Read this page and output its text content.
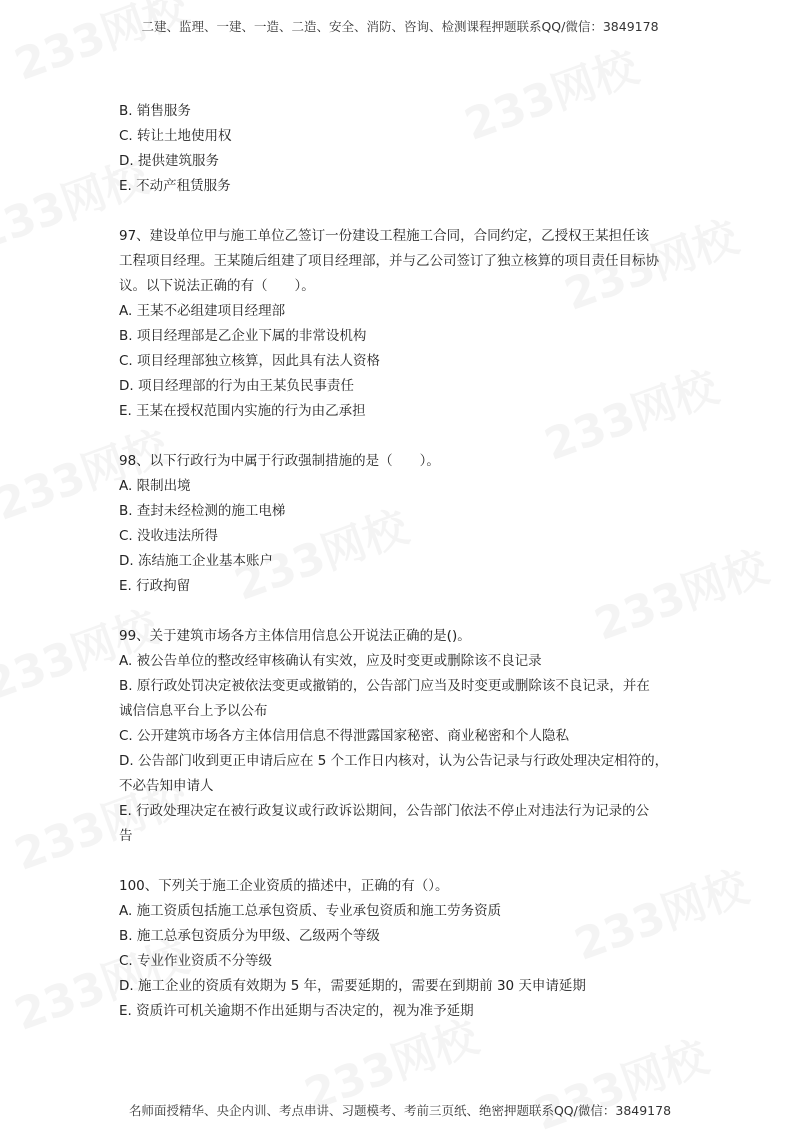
二建、监理、一建、一造、二造、安全、消防、咨询、检测课程押题联系QQ/微信：3849178
B. 销售服务
C. 转让土地使用权
D. 提供建筑服务
E. 不动产租赁服务
97、建设单位甲与施工单位乙签订一份建设工程施工合同，合同约定，乙授权王某担任该
工程项目经理。王某随后组建了项目经理部，并与乙公司签订了独立核算的项目责任目标协
议。以下说法正确的有（　　）。
A. 王某不必组建项目经理部
B. 项目经理部是乙企业下属的非常设机构
C. 项目经理部独立核算，因此具有法人资格
D. 项目经理部的行为由王某负民事责任
E. 王某在授权范围内实施的行为由乙承担
98、以下行政行为中属于行政强制措施的是（　　）。
A. 限制出境
B. 查封未经检测的施工电梯
C. 没收违法所得
D. 冻结施工企业基本账户
E. 行政拘留
99、关于建筑市场各方主体信用信息公开说法正确的是()。
A. 被公告单位的整改经审核确认有实效，应及时变更或删除该不良记录
B. 原行政处罚决定被依法变更或撤销的，公告部门应当及时变更或删除该不良记录，并在
诚信信息平台上予以公布
C. 公开建筑市场各方主体信用信息不得泄露国家秘密、商业秘密和个人隐私
D. 公告部门收到更正申请后应在 5 个工作日内核对，认为公告记录与行政处理决定相符的，
不必告知申请人
E. 行政处理决定在被行政复议或行政诉讼期间，公告部门依法不停止对违法行为记录的公
告
100、下列关于施工企业资质的描述中，正确的有（）。
A. 施工资质包括施工总承包资质、专业承包资质和施工劳务资质
B. 施工总承包资质分为甲级、乙级两个等级
C. 专业作业资质不分等级
D. 施工企业的资质有效期为 5 年，需要延期的，需要在到期前 30 天申请延期
E. 资质许可机关逾期不作出延期与否决定的，视为准予延期
名师面授精华、央企内训、考点串讲、习题模考、考前三页纸、绝密押题联系QQ/微信：3849178
